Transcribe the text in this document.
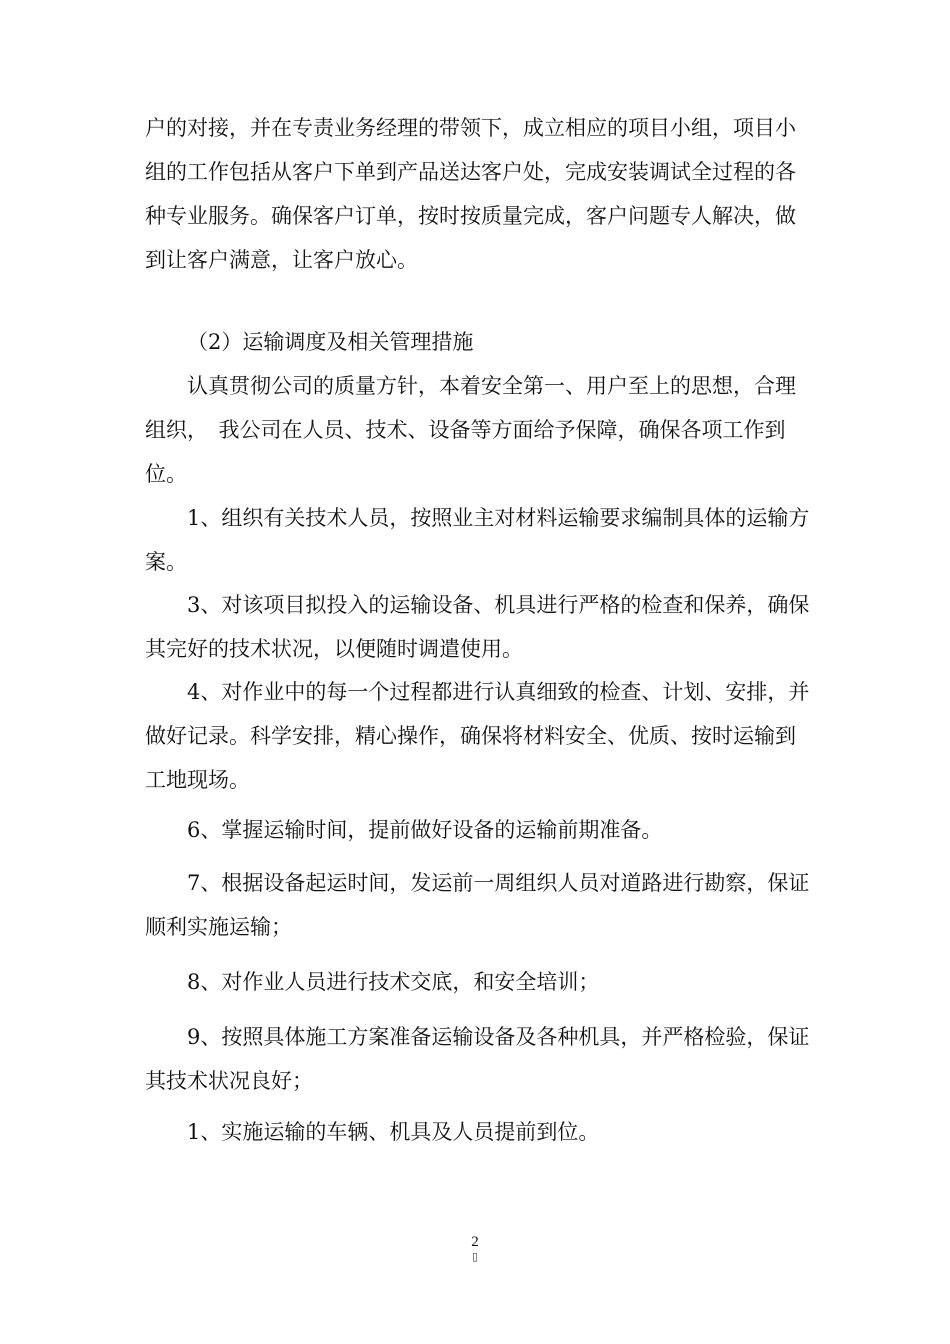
户的对接，并在专责业务经理的带领下，成立相应的项目小组，项目小组的工作包括从客户下单到产品送达客户处，完成安装调试全过程的各种专业服务。确保客户订单，按时按质量完成，客户问题专人解决，做到让客户满意，让客户放心。

（2）运输调度及相关管理措施

认真贯彻公司的质量方针，本着安全第一、用户至上的思想，合理组织，　我公司在人员、技术、设备等方面给予保障，确保各项工作到位。

1、组织有关技术人员，按照业主对材料运输要求编制具体的运输方案。

3、对该项目拟投入的运输设备、机具进行严格的检查和保养，确保其完好的技术状况，以便随时调遣使用。

4、对作业中的每一个过程都进行认真细致的检查、计划、安排，并做好记录。科学安排，精心操作，确保将材料安全、优质、按时运输到工地现场。

6、掌握运输时间，提前做好设备的运输前期准备。

7、根据设备起运时间，发运前一周组织人员对道路进行勘察，保证顺利实施运输；

8、对作业人员进行技术交底，和安全培训；

9、按照具体施工方案准备运输设备及各种机具，并严格检验，保证其技术状况良好；

1、实施运输的车辆、机具及人员提前到位。

2
▯
